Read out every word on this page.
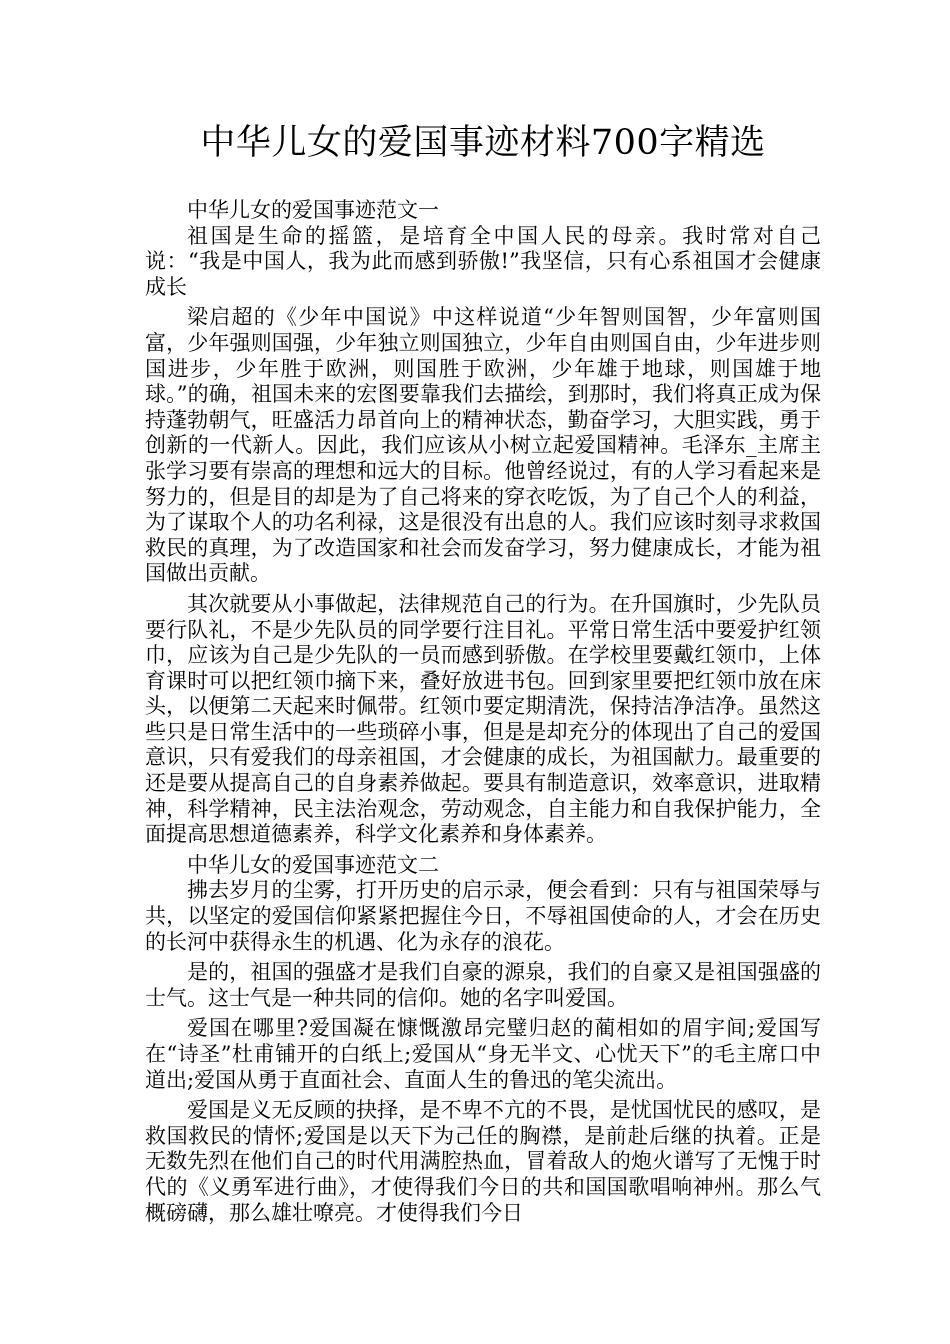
中华儿女的爱国事迹材料700字精选

中华儿女的爱国事迹范文一

祖国是生命的摇篮，是培育全中国人民的母亲。我时常对自己说：“我是中国人，我为此而感到骄傲!”我坚信，只有心系祖国才会健康成长

梁启超的《少年中国说》中这样说道“少年智则国智，少年富则国富，少年强则国强，少年独立则国独立，少年自由则国自由，少年进步则国进步，少年胜于欧洲，则国胜于欧洲，少年雄于地球，则国雄于地球。”的确，祖国未来的宏图要靠我们去描绘，到那时，我们将真正成为保持蓬勃朝气，旺盛活力昂首向上的精神状态，勤奋学习，大胆实践，勇于创新的一代新人。因此，我们应该从小树立起爱国精神。毛泽东_主席主张学习要有崇高的理想和远大的目标。他曾经说过，有的人学习看起来是努力的，但是目的却是为了自己将来的穿衣吃饭，为了自己个人的利益，为了谋取个人的功名利禄，这是很没有出息的人。我们应该时刻寻求救国救民的真理，为了改造国家和社会而发奋学习，努力健康成长，才能为祖国做出贡献。

其次就要从小事做起，法律规范自己的行为。在升国旗时，少先队员要行队礼，不是少先队员的同学要行注目礼。平常日常生活中要爱护红领巾，应该为自己是少先队的一员而感到骄傲。在学校里要戴红领巾，上体育课时可以把红领巾摘下来，叠好放进书包。回到家里要把红领巾放在床头，以便第二天起来时佩带。红领巾要定期清洗，保持洁净洁净。虽然这些只是日常生活中的一些琐碎小事，但是是却充分的体现出了自己的爱国意识，只有爱我们的母亲祖国，才会健康的成长，为祖国献力。最重要的还是要从提高自己的自身素养做起。要具有制造意识，效率意识，进取精神，科学精神，民主法治观念，劳动观念，自主能力和自我保护能力，全面提高思想道德素养，科学文化素养和身体素养。

中华儿女的爱国事迹范文二

拂去岁月的尘雾，打开历史的启示录，便会看到：只有与祖国荣辱与共，以坚定的爱国信仰紧紧把握住今日，不辱祖国使命的人，才会在历史的长河中获得永生的机遇、化为永存的浪花。

是的，祖国的强盛才是我们自豪的源泉，我们的自豪又是祖国强盛的士气。这士气是一种共同的信仰。她的名字叫爱国。

爱国在哪里?爱国凝在慷慨激昂完璧归赵的蔺相如的眉宇间;爱国写在“诗圣”杜甫铺开的白纸上;爱国从“身无半文、心忧天下”的毛主席口中道出;爱国从勇于直面社会、直面人生的鲁迅的笔尖流出。

爱国是义无反顾的抉择，是不卑不亢的不畏，是忧国忧民的感叹，是救国救民的情怀;爱国是以天下为己任的胸襟，是前赴后继的执着。正是无数先烈在他们自己的时代用满腔热血，冒着敌人的炮火谱写了无愧于时代的《义勇军进行曲》，才使得我们今日的共和国国歌唱响神州。那么气概磅礴，那么雄壮嘹亮。才使得我们今日
